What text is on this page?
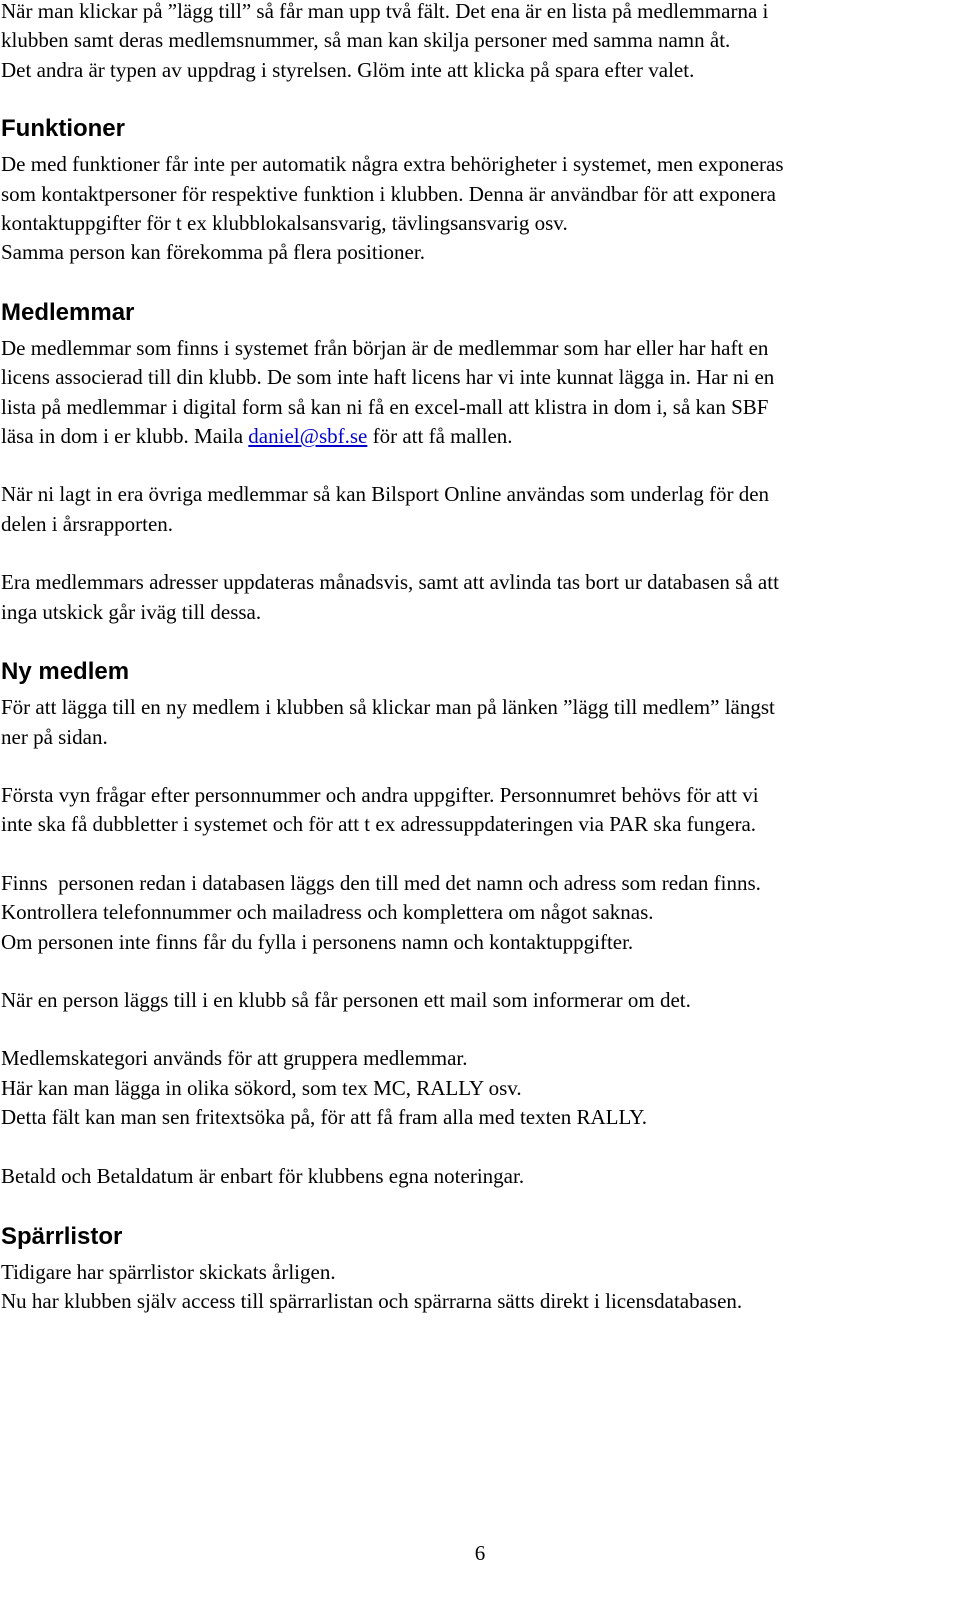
När man klickar på ”lägg till” så får man upp två fält. Det ena är en lista på medlemmarna i
klubben samt deras medlemsnummer, så man kan skilja personer med samma namn åt.
Det andra är typen av uppdrag i styrelsen. Glöm inte att klicka på spara efter valet.

Funktioner

De med funktioner får inte per automatik några extra behörigheter i systemet, men exponeras
som kontaktpersoner för respektive funktion i klubben. Denna är användbar för att exponera
kontaktuppgifter för t ex klubblokalsansvarig, tävlingsansvarig osv.
Samma person kan förekomma på flera positioner.

Medlemmar

De medlemmar som finns i systemet från början är de medlemmar som har eller har haft en
licens associerad till din klubb. De som inte haft licens har vi inte kunnat lägga in. Har ni en
lista på medlemmar i digital form så kan ni få en excel-mall att klistra in dom i, så kan SBF
läsa in dom i er klubb. Maila daniel@sbf.se för att få mallen.

När ni lagt in era övriga medlemmar så kan Bilsport Online användas som underlag för den
delen i årsrapporten.

Era medlemmars adresser uppdateras månadsvis, samt att avlinda tas bort ur databasen så att
inga utskick går iväg till dessa.

Ny medlem

För att lägga till en ny medlem i klubben så klickar man på länken ”lägg till medlem” längst
ner på sidan.

Första vyn frågar efter personnummer och andra uppgifter. Personnumret behövs för att vi
inte ska få dubbletter i systemet och för att t ex adressuppdateringen via PAR ska fungera.

Finns  personen redan i databasen läggs den till med det namn och adress som redan finns.
Kontrollera telefonnummer och mailadress och komplettera om något saknas.
Om personen inte finns får du fylla i personens namn och kontaktuppgifter.

När en person läggs till i en klubb så får personen ett mail som informerar om det.

Medlemskategori används för att gruppera medlemmar.
Här kan man lägga in olika sökord, som tex MC, RALLY osv.
Detta fält kan man sen fritextsöka på, för att få fram alla med texten RALLY.

Betald och Betaldatum är enbart för klubbens egna noteringar.

Spärrlistor

Tidigare har spärrlistor skickats årligen.
Nu har klubben själv access till spärrarlistan och spärrarna sätts direkt i licensdatabasen.

6
